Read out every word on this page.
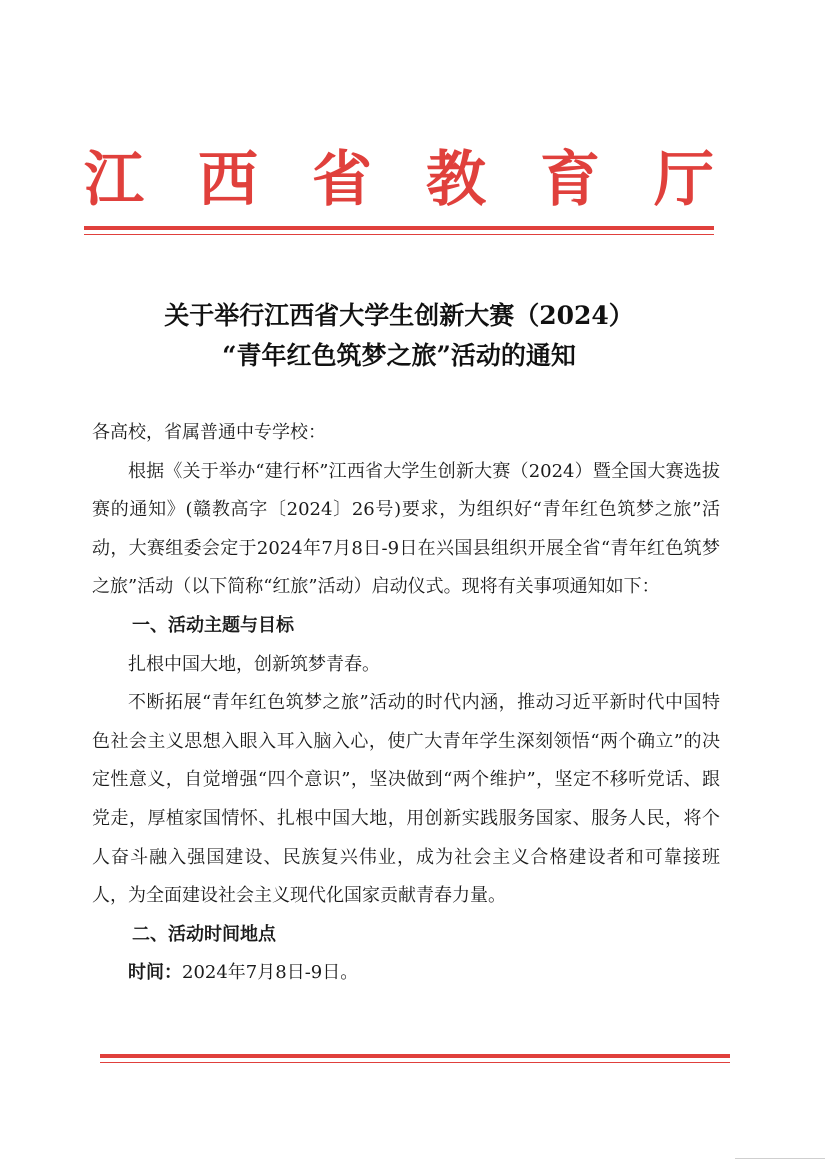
江 西 省 教 育 厅
关于举行江西省大学生创新大赛（2024）
“青年红色筑梦之旅”活动的通知

各高校，省属普通中专学校：

根据《关于举办“建行杯”江西省大学生创新大赛（2024）暨全国大赛选拔赛的通知》(赣教高字〔2024〕26号)要求，为组织好“青年红色筑梦之旅”活动，大赛组委会定于2024年7月8日-9日在兴国县组织开展全省“青年红色筑梦之旅”活动（以下简称“红旅”活动）启动仪式。现将有关事项通知如下：

一、活动主题与目标

扎根中国大地，创新筑梦青春。

不断拓展“青年红色筑梦之旅”活动的时代内涵，推动习近平新时代中国特色社会主义思想入眼入耳入脑入心，使广大青年学生深刻领悟“两个确立”的决定性意义，自觉增强“四个意识”，坚决做到“两个维护”，坚定不移听党话、跟党走，厚植家国情怀、扎根中国大地，用创新实践服务国家、服务人民，将个人奋斗融入强国建设、民族复兴伟业，成为社会主义合格建设者和可靠接班人，为全面建设社会主义现代化国家贡献青春力量。

二、活动时间地点

时间：2024年7月8日-9日。
